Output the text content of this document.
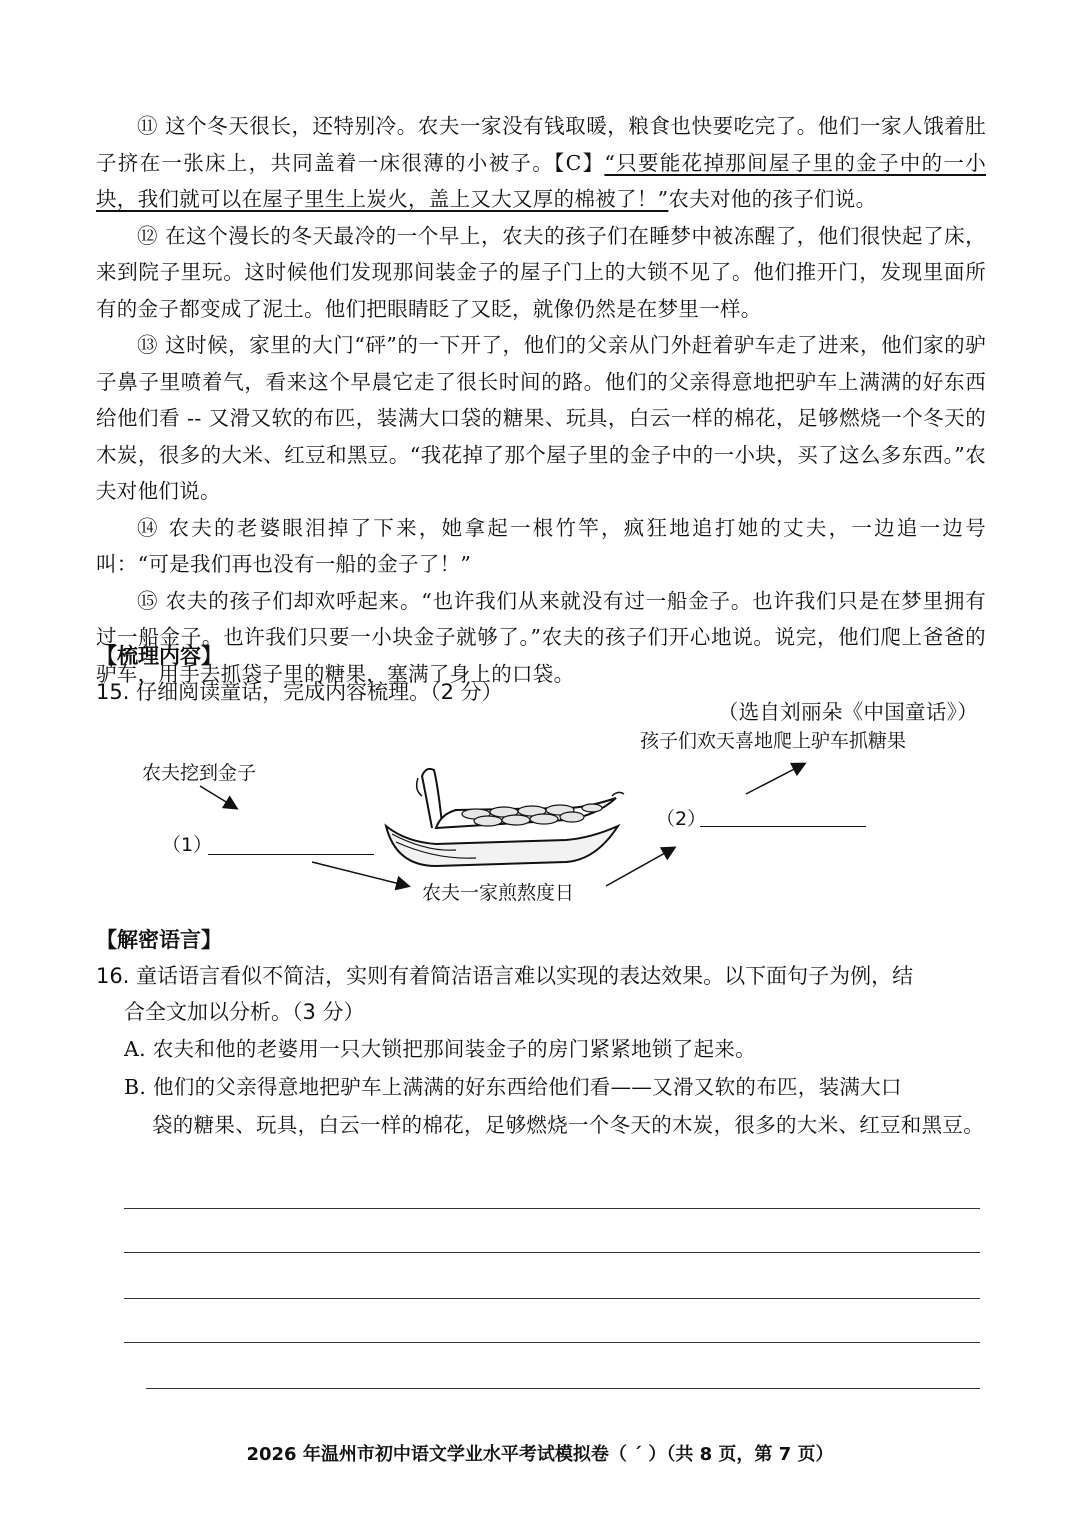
⑪ 这个冬天很长，还特别冷。农夫一家没有钱取暖，粮食也快要吃完了。他们一家人饿着肚子挤在一张床上，共同盖着一床很薄的小被子。【C】“只要能花掉那间屋子里的金子中的一小块，我们就可以在屋子里生上炭火，盖上又大又厚的棉被了！”农夫对他的孩子们说。

⑫ 在这个漫长的冬天最冷的一个早上，农夫的孩子们在睡梦中被冻醒了，他们很快起了床，来到院子里玩。这时候他们发现那间装金子的屋子门上的大锁不见了。他们推开门，发现里面所有的金子都变成了泥土。他们把眼睛眨了又眨，就像仍然是在梦里一样。

⑬ 这时候，家里的大门“砰”的一下开了，他们的父亲从门外赶着驴车走了进来，他们家的驴子鼻子里喷着气，看来这个早晨它走了很长时间的路。他们的父亲得意地把驴车上满满的好东西给他们看 -- 又滑又软的布匹，装满大口袋的糖果、玩具，白云一样的棉花，足够燃烧一个冬天的木炭，很多的大米、红豆和黑豆。“我花掉了那个屋子里的金子中的一小块，买了这么多东西。”农夫对他们说。

⑭ 农夫的老婆眼泪掉了下来，她拿起一根竹竿，疯狂地追打她的丈夫，一边追一边号叫：“可是我们再也没有一船的金子了！”

⑮ 农夫的孩子们却欢呼起来。“也许我们从来就没有过一船金子。也许我们只是在梦里拥有过一船金子。也许我们只要一小块金子就够了。”农夫的孩子们开心地说。说完，他们爬上爸爸的驴车，用手去抓袋子里的糖果，塞满了身上的口袋。

（选自刘丽朵《中国童话》）
【梳理内容】
15. 仔细阅读童话，完成内容梳理。（2 分）
农夫挖到金子
（1）
农夫一家煎熬度日
（2）
孩子们欢天喜地爬上驴车抓糖果
【解密语言】
16. 童话语言看似不简洁，实则有着简洁语言难以实现的表达效果。以下面句子为例，结
合全文加以分析。（3 分）

A. 农夫和他的老婆用一只大锁把那间装金子的房门紧紧地锁了起来。

B. 他们的父亲得意地把驴车上满满的好东西给他们看——又滑又软的布匹，装满大口
袋的糖果、玩具，白云一样的棉花，足够燃烧一个冬天的木炭，很多的大米、红豆和黑豆。

2026 年温州市初中语文学业水平考试模拟卷（ ˊ ）（共 8 页，第 7 页）
